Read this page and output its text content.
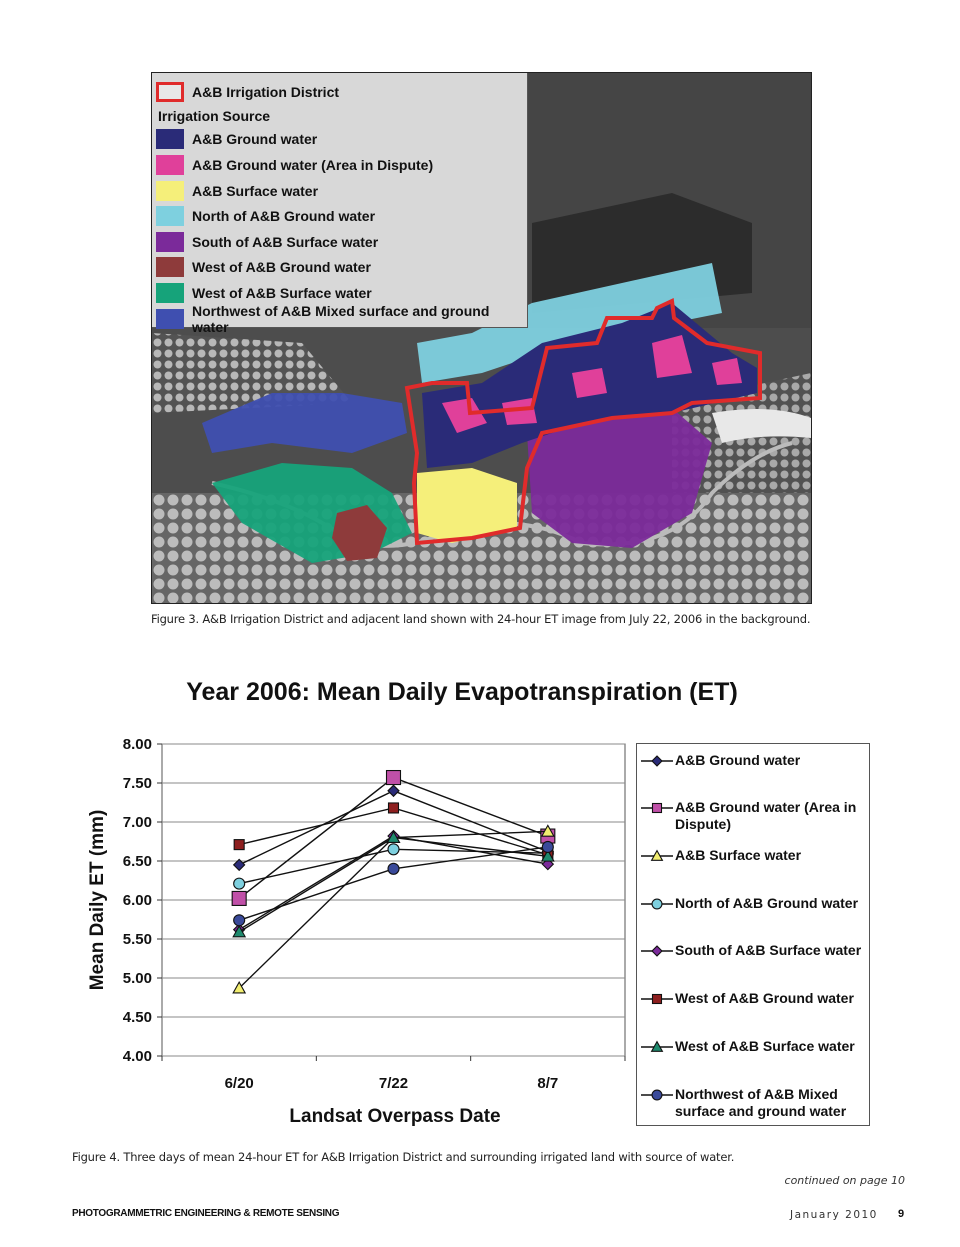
A&B Irrigation District
Irrigation Source
A&B Ground water
A&B Ground water (Area in Dispute)
A&B Surface water
North of A&B Ground water
South of A&B Surface water
West of A&B Ground water
West of A&B Surface water
Northwest of A&B Mixed surface and ground water
Figure 3. A&B Irrigation District and adjacent land shown with 24-hour ET image from July 22, 2006 in the background.
Year 2006: Mean Daily Evapotranspiration (ET)
4.00
4.50
5.00
5.50
6.00
6.50
7.00
7.50
8.00
6/20	7/22	8/7
Mean Daily ET (mm)
Landsat Overpass Date
A&B Ground water
A&B Ground water (Area in Dispute)
A&B Surface water
North of A&B Ground water
South of A&B Surface water
West of A&B Ground water
West of A&B Surface water
Northwest of A&B Mixed surface and ground water
Figure 4. Three days of mean 24-hour ET for A&B Irrigation District and surrounding irrigated land with source of water.
continued on page 10
PHOTOGRAMMETRIC ENGINEERING & REMOTE SENSING	January 2010 9
